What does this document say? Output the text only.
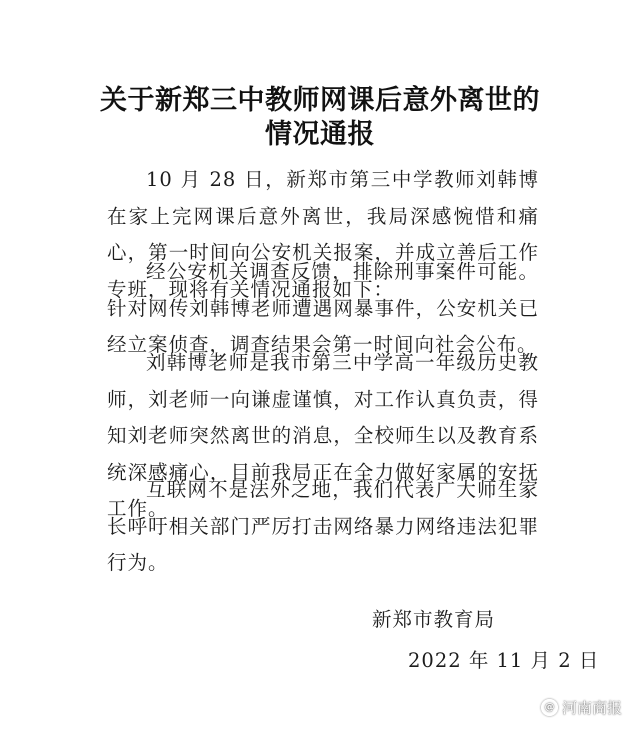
关于新郑三中教师网课后意外离世的
情况通报

10 月 28 日，新郑市第三中学教师刘韩博在家上完网课后意外离世，我局深感惋惜和痛心，第一时间向公安机关报案，并成立善后工作专班，现将有关情况通报如下：

经公安机关调查反馈，排除刑事案件可能。针对网传刘韩博老师遭遇网暴事件，公安机关已经立案侦查，调查结果会第一时间向社会公布。

刘韩博老师是我市第三中学高一年级历史教师，刘老师一向谦虚谨慎，对工作认真负责，得知刘老师突然离世的消息，全校师生以及教育系统深感痛心，目前我局正在全力做好家属的安抚工作。

互联网不是法外之地，我们代表广大师生家长呼吁相关部门严厉打击网络暴力网络违法犯罪行为。

新郑市教育局

2022 年 11 月 2 日

@ 河南商报
